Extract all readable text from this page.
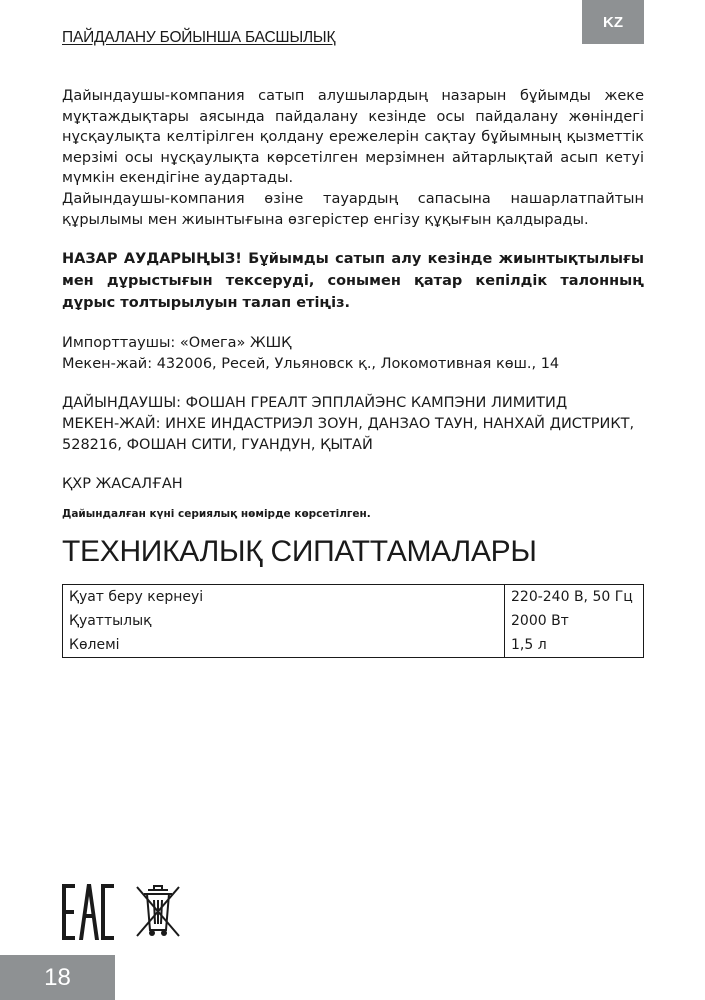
ПАЙДАЛАНУ БОЙЫНША БАСШЫЛЫҚ
KZ

Дайындаушы-компания сатып алушылардың назарын бұйымды жеке мұқтаждықтары аясында пайдалану кезінде осы пайдалану жөніндегі нұсқаулықта келтірілген қолдану ережелерін сақтау бұйымның қызметтік мерзімі осы нұсқаулықта көрсетілген мерзімнен айтарлықтай асып кетуі мүмкін екендігіне аудартады.

Дайындаушы-компания өзіне тауардың сапасына нашарлатпайтын құрылымы мен жиынтығына өзгерістер енгізу құқығын қалдырады.

НАЗАР АУДАРЫҢЫЗ! Бұйымды сатып алу кезінде жиынтықтылығы мен дұрыстығын тексеруді, сонымен қатар кепілдік талонның дұрыс толтырылуын талап етіңіз.

Импорттаушы: «Омега» ЖШҚ
Мекен-жай: 432006, Ресей, Ульяновск қ., Локомотивная көш., 14
ДАЙЫНДАУШЫ: ФОШАН ГРЕАЛТ ЭППЛАЙЭНС КАМПЭНИ ЛИМИТИД
МЕКЕН-ЖАЙ: ИНХЕ ИНДАСТРИЭЛ ЗОУН, ДАНЗАО ТАУН, НАНХАЙ ДИСТРИКТ, 528216, ФОШАН СИТИ, ГУАНДУН, ҚЫТАЙ
ҚХР ЖАСАЛҒАН
Дайындалған күні сериялық нөмірде көрсетілген.
ТЕХНИКАЛЫҚ СИПАТТАМАЛАРЫ
Қуат беру кернеуі	220-240 В, 50 Гц
Қуаттылық	2000 Вт
Көлемі	1,5 л
18
